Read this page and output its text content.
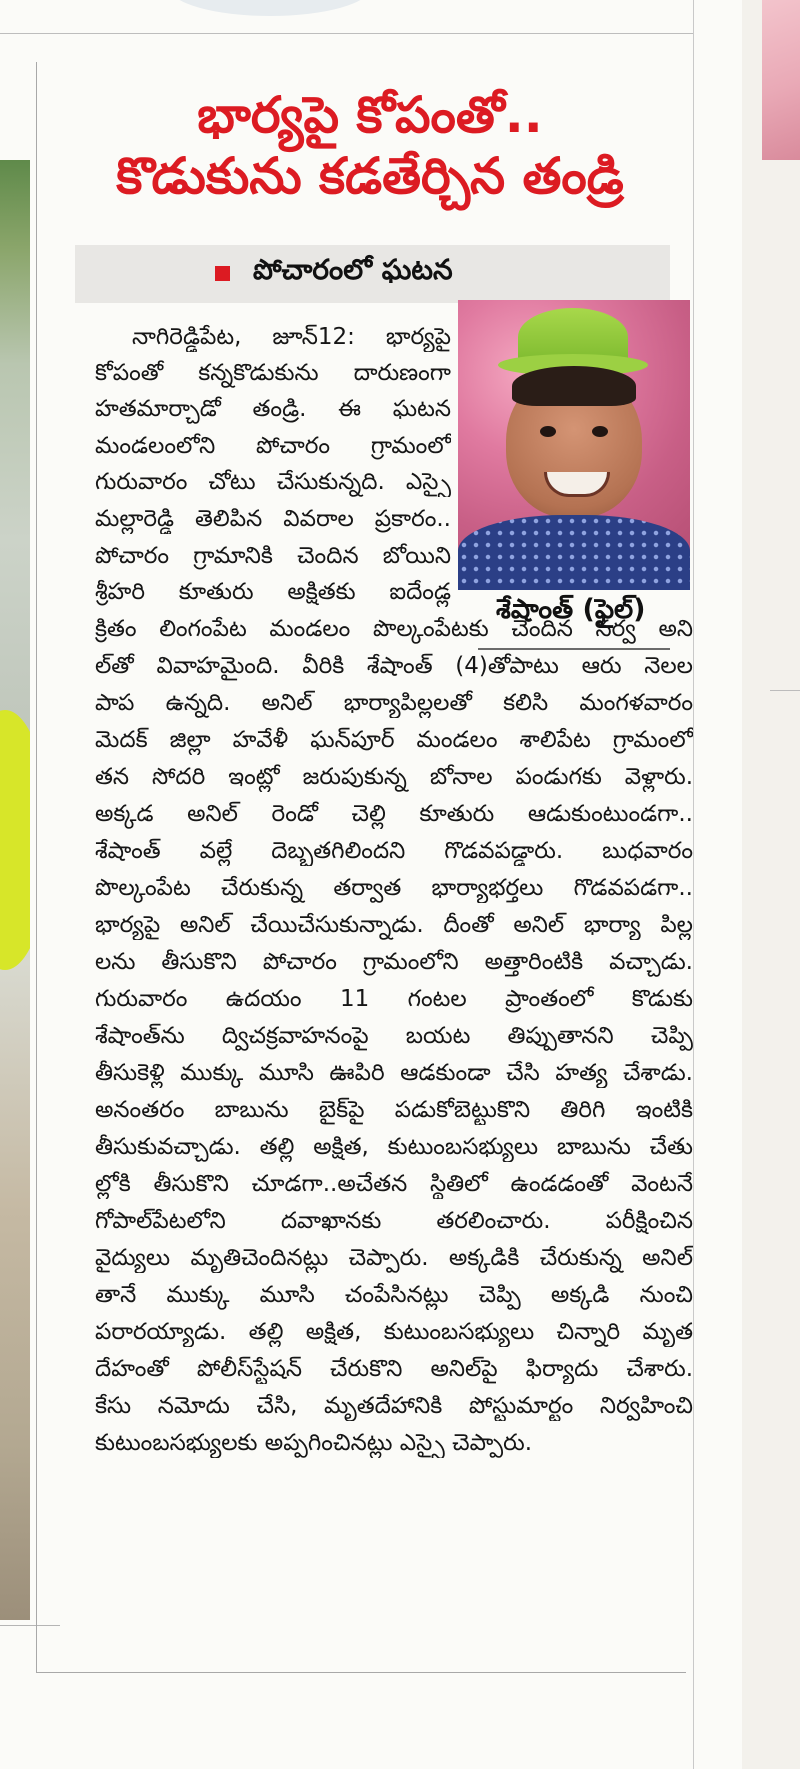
భార్యపై కోపంతో..
కొడుకును కడతేర్చిన తండ్రి
పోచారంలో ఘటన
శేషాంత్ (ఫైల్)
నాగిరెడ్డిపేట, జూన్12: భార్యపై
కోపంతో కన్నకొడుకును దారుణంగా
హతమార్చాడో తండ్రి. ఈ ఘటన
మండలంలోని పోచారం గ్రామంలో
గురువారం చోటు చేసుకున్నది. ఎస్సై
మల్లారెడ్డి తెలిపిన వివరాల ప్రకారం..
పోచారం గ్రామానికి చెందిన బోయిని
శ్రీహరి కూతురు అక్షితకు ఐదేండ్ల
క్రితం లింగంపేట మండలం పొల్కంపేటకు చెందిన నర్వ అని
ల్‌తో వివాహమైంది. వీరికి శేషాంత్ (4)తోపాటు ఆరు నెలల
పాప ఉన్నది. అనిల్ భార్యాపిల్లలతో కలిసి మంగళవారం
మెదక్ జిల్లా హవేళీ ఘన్‌పూర్ మండలం శాలిపేట గ్రామంలో
తన సోదరి ఇంట్లో జరుపుకున్న బోనాల పండుగకు వెళ్లారు.
అక్కడ అనిల్ రెండో చెల్లి కూతురు ఆడుకుంటుండగా..
శేషాంత్ వల్లే దెబ్బతగిలిందని గొడవపడ్డారు. బుధవారం
పొల్కంపేట చేరుకున్న తర్వాత భార్యాభర్తలు గొడవపడగా..
భార్యపై అనిల్ చేయిచేసుకున్నాడు. దీంతో అనిల్ భార్యా పిల్ల
లను తీసుకొని పోచారం గ్రామంలోని అత్తారింటికి వచ్చాడు.
గురువారం ఉదయం 11 గంటల ప్రాంతంలో కొడుకు
శేషాంత్‌ను ద్విచక్రవాహనంపై బయట తిప్పుతానని చెప్పి
తీసుకెళ్లి ముక్కు మూసి ఊపిరి ఆడకుండా చేసి హత్య చేశాడు.
అనంతరం బాబును బైక్‌పై పడుకోబెట్టుకొని తిరిగి ఇంటికి
తీసుకువచ్చాడు. తల్లి అక్షిత, కుటుంబసభ్యులు బాబును చేతు
ల్లోకి తీసుకొని చూడగా..అచేతన స్థితిలో ఉండడంతో వెంటనే
గోపాల్‌పేటలోని దవాఖానకు తరలించారు. పరీక్షించిన
వైద్యులు మృతిచెందినట్లు చెప్పారు. అక్కడికి చేరుకున్న అనిల్
తానే ముక్కు మూసి చంపేసినట్లు చెప్పి అక్కడి నుంచి
పరారయ్యాడు. తల్లి అక్షిత, కుటుంబసభ్యులు చిన్నారి మృత
దేహంతో పోలీస్‌స్టేషన్ చేరుకొని అనిల్‌పై ఫిర్యాదు చేశారు.
కేసు నమోదు చేసి, మృతదేహానికి పోస్టుమార్టం నిర్వహించి
కుటుంబసభ్యులకు అప్పగించినట్లు ఎస్సై చెప్పారు.
